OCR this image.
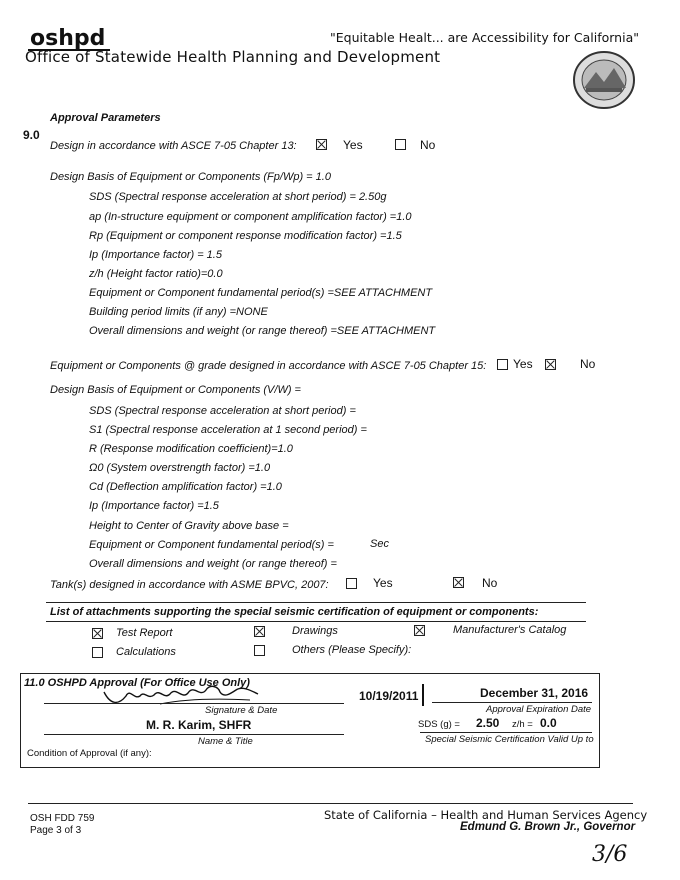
oshpd	"Equitable Healt... are Accessibility for California"
Office of Statewide Health Planning and Development
Approval Parameters
9.0
Design in accordance with ASCE 7-05 Chapter 13:	Yes	No
Design Basis of Equipment or Components (Fp/Wp) = 1.0
SDS (Spectral response acceleration at short period) = 2.50g
ap (In-structure equipment or component amplification factor) =1.0
Rp (Equipment or component response modification factor) =1.5
Ip (Importance factor) = 1.5
z/h (Height factor ratio)=0.0
Equipment or Component fundamental period(s) =SEE ATTACHMENT
Building period limits (if any) =NONE
Overall dimensions and weight (or range thereof) =SEE ATTACHMENT
Equipment or Components @ grade designed in accordance with ASCE 7-05 Chapter 15: Yes	No
Design Basis of Equipment or Components (V/W) =
SDS (Spectral response acceleration at short period) =
S1 (Spectral response acceleration at 1 second period) =
R (Response modification coefficient)=1.0
Ω0 (System overstrength factor) =1.0
Cd (Deflection amplification factor) =1.0
Ip (Importance factor) =1.5
Height to Center of Gravity above base =
Equipment or Component fundamental period(s) =	Sec
Overall dimensions and weight (or range thereof) =
Tank(s) designed in accordance with ASME BPVC, 2007:	Yes	No
List of attachments supporting the special seismic certification of equipment or components:
Test Report	Drawings	Manufacturer's Catalog
Calculations	Others (Please Specify):
11.0 OSHPD Approval (For Office Use Only)
10/19/2011	December 31, 2016
Signature & Date	Approval Expiration Date
M. R. Karim, SHFR	SDS (g) = 2.50 z/h = 0.0
Name & Title	Special Seismic Certification Valid Up to
Condition of Approval (if any):
OSH FDD 759
Page 3 of 3
State of California – Health and Human Services Agency
Edmund G. Brown Jr., Governor
3/6
